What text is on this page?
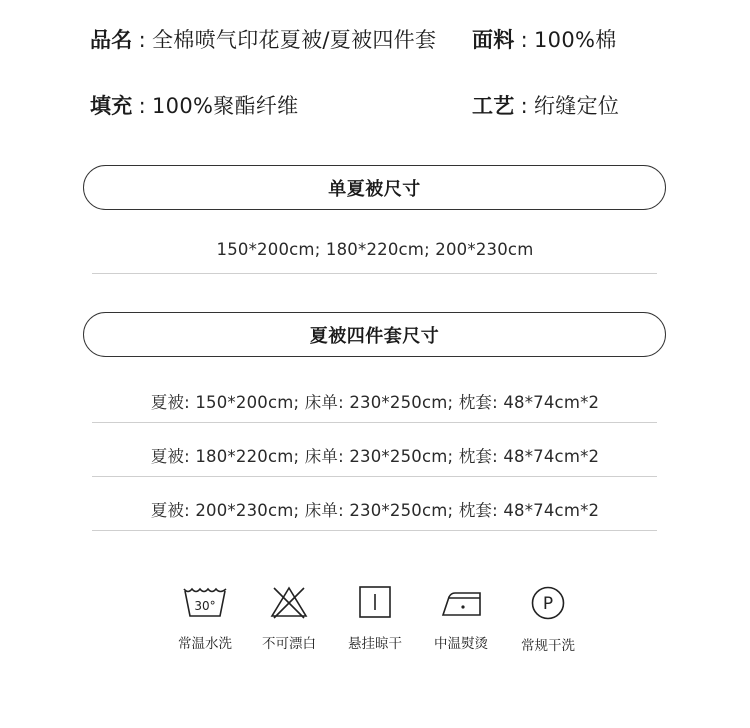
品名 : 全棉喷气印花夏被/夏被四件套 面料 : 100%棉
填充 : 100%聚酯纤维	工艺 : 绗缝定位
单夏被尺寸
150*200cm; 180*220cm; 200*230cm
夏被四件套尺寸
夏被: 150*200cm; 床单: 230*250cm; 枕套: 48*74cm*2
夏被: 180*220cm; 床单: 230*250cm; 枕套: 48*74cm*2
夏被: 200*230cm; 床单: 230*250cm; 枕套: 48*74cm*2
30°
常温水洗	不可漂白	悬挂晾干	中温熨烫
P
常规干洗
